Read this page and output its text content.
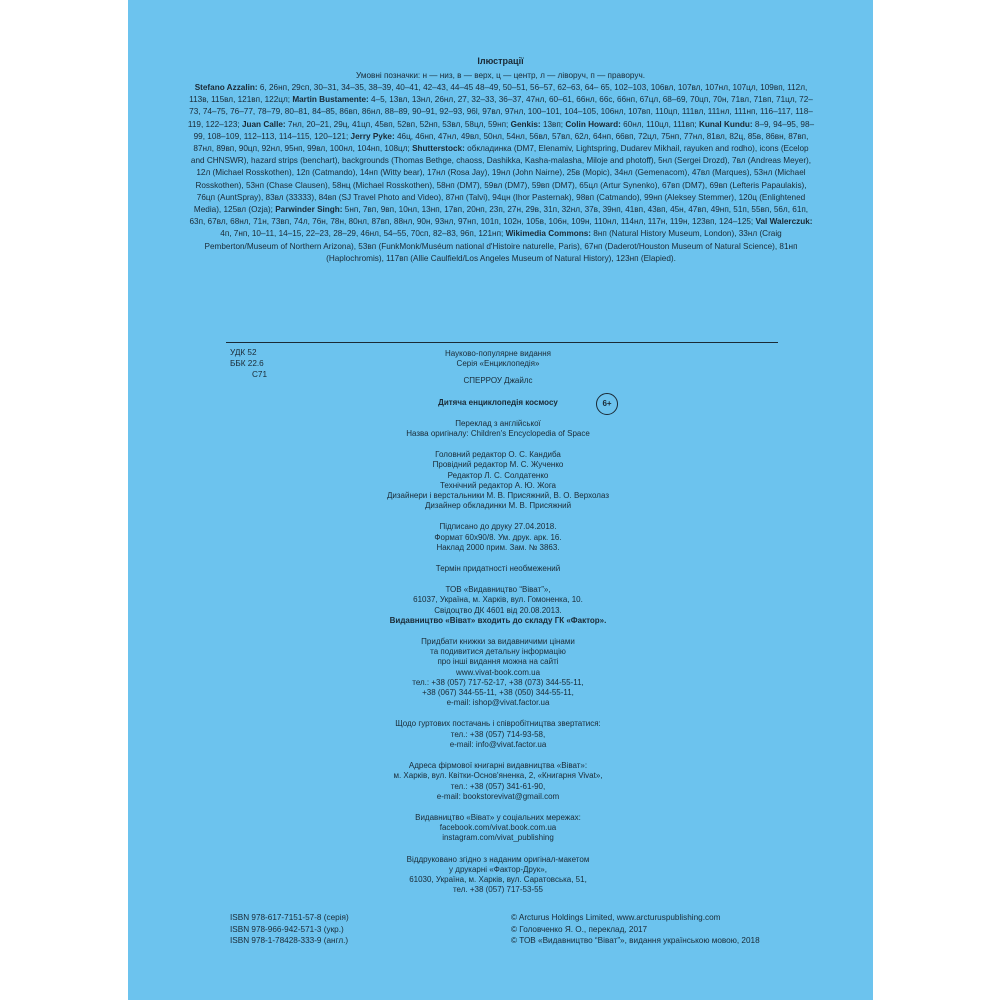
Ілюстрації
Умовні позначки: н — низ, в — верх, ц — центр, л — ліворуч, п — праворуч.
Stefano Azzalin: 6, 26нп, 29сп, 30–31, 34–35, 38–39, 40–41, 42–43, 44–45 48–49, 50–51, 56–57, 62–63, 64– 65, 102–103, 106вл, 107вл, 107нл, 107цл, 109вп, 112л, 113в, 115вл, 121вп, 122цл; Martin Bustamente: 4–5, 13вл, 13нл, 26нл, 27, 32–33, 36–37, 47нл, 60–61, 66нл, 66с, 66нп, 67цл, 68–69, 70цп, 70н, 71вл, 71вп, 71цл, 72–73, 74–75, 76–77, 78–79, 80–81, 84–85, 86вп, 86нл, 88–89, 90–91, 92–93, 96l, 97вл, 97нл, 100–101, 104–105, 106нл, 107вп, 110цп, 111вл, 111нл, 111нп, 116–117, 118–119, 122–123; Juan Calle: 7нл, 20–21, 29ц, 41цп, 45вп, 52вп, 52нп, 53вл, 58цл, 59нп; Genkis: 13вп; Colin Howard: 60нл, 110цл, 111вп; Kunal Kundu: 8–9, 94–95, 98–99, 108–109, 112–113, 114–115, 120–121; Jerry Pyke: 46ц, 46нп, 47нл, 49вл, 50нл, 54нл, 56вл, 57вл, 62л, 64нп, 66вп, 72цл, 75нп, 77нл, 81вл, 82ц, 85в, 86вн, 87вп, 87нл, 89вп, 90цп, 92нл, 95нп, 99вл, 100нл, 104нп, 108цл; Shutterstock: обкладинка (DM7, Elenamiv, Lightspring, Dudarev Mikhail, rayuken and rodho), icons (Ecelop and CHNSWR), hazard strips (benchart), backgrounds (Thomas Bethge, chaoss, Dashikka, Kasha-malasha, Miloje and photoff), 5нл (Sergei Drozd), 7вл (Andreas Meyer), 12л (Michael Rosskothen), 12п (Catmando), 14нп (Witty bear), 17нл (Rosa Jay), 19нл (John Nairne), 25в (Mopic), 34нл (Gemenacom), 47вл (Marques), 53нл (Michael Rosskothen), 53нп (Chase Clausen), 58нц (Michael Rosskothen), 58нп (DM7), 59вл (DM7), 59вп (DM7), 65цл (Artur Synenko), 67вп (DM7), 69вп (Lefteris Papaulakis), 76цп (AuntSpray), 83вл (33333), 84вп (SJ Travel Photo and Video), 87нп (Talvi), 94цн (Ihor Pasternak), 98вп (Catmando), 99нп (Aleksey Stemmer), 120ц (Enlightened Media), 125вл (Ozja); Parwinder Singh: 5нп, 7вп, 9вп, 10нл, 13нп, 17вп, 20нп, 23п, 27н, 29в, 31п, 32нл, 37в, 39нп, 41вп, 43вп, 45н, 47вп, 49нп, 51п, 55вп, 56л, 61п, 63п, 67вл, 68нл, 71н, 73вп, 74л, 76н, 78н, 80нл, 87вп, 88нл, 90н, 93нл, 97нп, 101п, 102н, 105в, 106н, 109н, 110нл, 114нл, 117н, 119н, 123вп, 124–125; Val Walerczuk: 4п, 7нп, 10–11, 14–15, 22–23, 28–29, 46нл, 54–55, 70сп, 82–83, 96п, 121нп; Wikimedia Commons: 8нп (Natural History Museum, London), 33нл (Craig Pemberton/Museum of Northern Arizona), 53вп (FunkMonk/Muséum national d'Histoire naturelle, Paris), 67нп (Daderot/Houston Museum of Natural Science), 81нп (Haplochromis), 117вп (Allie Caulfield/Los Angeles Museum of Natural History), 123нп (Elapied).
УДК 52
ББК 22.6
С71

Науково-популярне видання

Серія «Енциклопедія»

СПЕРРОУ Джайлс

Дитяча енциклопедія космосу	6+

Переклад з англійської

Назва оригіналу: Children's Encyclopedia of Space

Головний редактор О. С. Кандиба

Провідний редактор М. С. Жученко

Редактор Л. С. Солдатенко

Технічний редактор А. Ю. Жога

Дизайнери і верстальники М. В. Присяжний, В. О. Верхолаз

Дизайнер обкладинки М. В. Присяжний

Підписано до друку 27.04.2018.

Формат 60x90/8. Ум. друк. арк. 16.

Наклад 2000 прим. Зам. № 3863.

Термін придатності необмежений

ТОВ «Видавництво “Віват”»,

61037, Україна, м. Харків, вул. Гомоненка, 10.

Свідоцтво ДК 4601 від 20.08.2013.

Видавництво «Віват» входить до складу ГК «Фактор».

Придбати книжки за видавничими цінами

та подивитися детальну інформацію

про інші видання можна на сайті

www.vivat-book.com.ua

тел.: +38 (057) 717-52-17, +38 (073) 344-55-11,

+38 (067) 344-55-11, +38 (050) 344-55-11,

e-mail: ishop@vivat.factor.ua

Щодо гуртових постачань і співробітництва звертатися:

тел.: +38 (057) 714-93-58,

e-mail: info@vivat.factor.ua

Адреса фірмової книгарні видавництва «Віват»:

м. Харків, вул. Квітки-Основ'яненка, 2, «Книгарня Vivat»,

тел.: +38 (057) 341-61-90,

e-mail: bookstorevivat@gmail.com

Видавництво «Віват» у соціальних мережах:

facebook.com/vivat.book.com.ua

instagram.com/vivat_publishing

Віддруковано згідно з наданим оригінал-макетом

у друкарні «Фактор-Друк»,

61030, Україна, м. Харків, вул. Саратовська, 51,

тел. +38 (057) 717-53-55

ISBN 978-617-7151-57-8 (серія)

ISBN 978-966-942-571-3 (укр.)

ISBN 978-1-78428-333-9 (англ.)

© Arcturus Holdings Limited, www.arcturuspublishing.com

© Головченко Я. О., переклад, 2017

© ТОВ «Видавництво “Віват”», видання українською мовою, 2018
